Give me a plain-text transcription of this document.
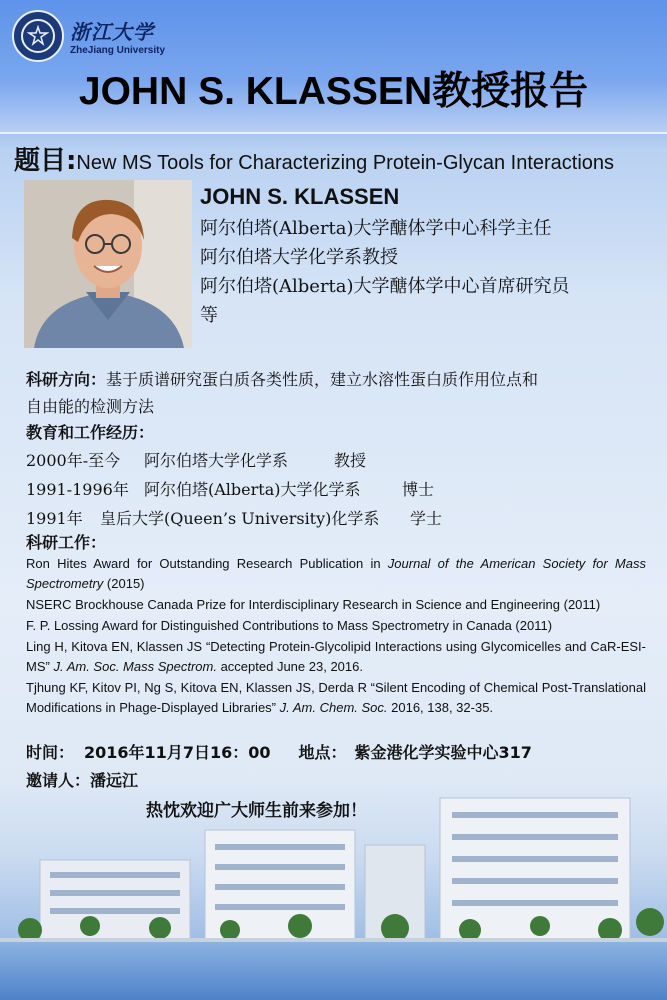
浙江大学
ZheJiang University
JOHN S. KLASSEN教授报告
题目:New MS Tools for Characterizing Protein-Glycan Interactions
JOHN S. KLASSEN
阿尔伯塔(Alberta)大学醣体学中心科学主任
阿尔伯塔大学化学系教授
阿尔伯塔(Alberta)大学醣体学中心首席研究员
等
科研方向：基于质谱研究蛋白质各类性质，建立水溶性蛋白质作用位点和
自由能的检测方法
教育和工作经历：
2000年-至今 阿尔伯塔大学化学系	教授
1991-1996年 阿尔伯塔(Alberta)大学化学系	博士
1991年 皇后大学(Queen’s University)化学系 学士
科研工作：
Ron Hites Award for Outstanding Research Publication in Journal of the American Society for Mass Spectrometry (2015)
NSERC Brockhouse Canada Prize for Interdisciplinary Research in Science and Engineering (2011)
F. P. Lossing Award for Distinguished Contributions to Mass Spectrometry in Canada (2011)
Ling H, Kitova EN, Klassen JS “Detecting Protein-Glycolipid Interactions using Glycomicelles and CaR-ESI-MS” J. Am. Soc. Mass Spectrom. accepted June 23, 2016.
Tjhung KF, Kitov PI, Ng S, Kitova EN, Klassen JS, Derda R “Silent Encoding of Chemical Post-Translational Modifications in Phage-Displayed Libraries” J. Am. Chem. Soc. 2016, 138, 32-35.
时间： 2016年11月7日16：00 地点： 紫金港化学实验中心317
邀请人：潘远江
热忱欢迎广大师生前来参加！
